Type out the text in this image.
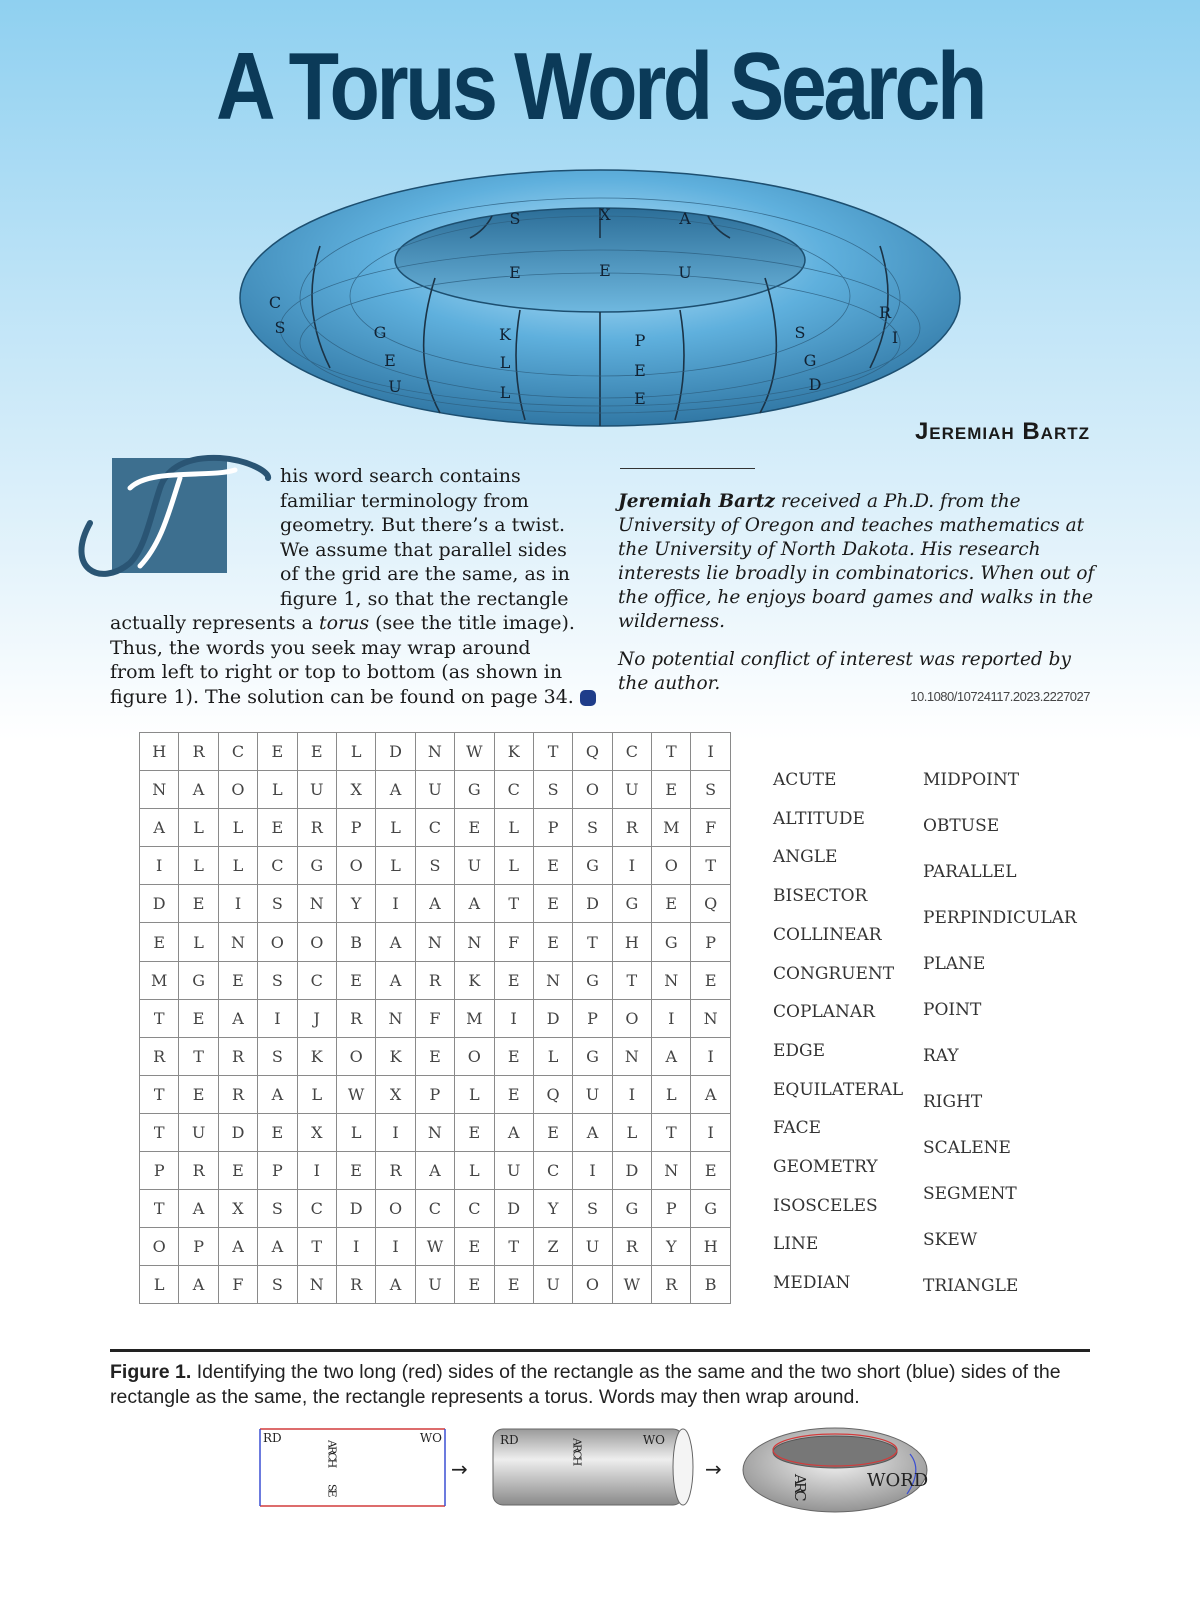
A Torus Word Search
L
L
K	P
E
E
G
E
U
S
G
D
R
I
C
S
S	X	A
E	E	U
Jeremiah Bartz
his word search contains
familiar terminology from
geometry. But there’s a twist.
We assume that parallel sides
of the grid are the same, as in
figure 1, so that the rectangle
actually represents a torus (see the title image).
Thus, the words you seek may wrap around
from left to right or top to bottom (as shown in
figure 1). The solution can be found on page 34.

Jeremiah Bartz received a Ph.D. from the University of Oregon and teaches mathematics at the University of North Dakota. His research interests lie broadly in combinatorics. When out of the office, he enjoys board games and walks in the wilderness.

No potential conflict of interest was reported by the author.

10.1080/10724117.2023.2227027
H	R	C	E	E	L	D	N	W	K	T	Q	C	T	I
N	A	O	L	U	X	A	U	G	C	S	O	U	E	S
A	L	L	E	R	P	L	C	E	L	P	S	R	M	F
I	L	L	C	G	O	L	S	U	L	E	G	I	O	T
D	E	I	S	N	Y	I	A	A	T	E	D	G	E	Q
E	L	N	O	O	B	A	N	N	F	E	T	H	G	P
M	G	E	S	C	E	A	R	K	E	N	G	T	N	E
T	E	A	I	J	R	N	F	M	I	D	P	O	I	N
R	T	R	S	K	O	K	E	O	E	L	G	N	A	I
T	E	R	A	L	W	X	P	L	E	Q	U	I	L	A
T	U	D	E	X	L	I	N	E	A	E	A	L	T	I
P	R	E	P	I	E	R	A	L	U	C	I	D	N	E
T	A	X	S	C	D	O	C	C	D	Y	S	G	P	G
O	P	A	A	T	I	I	W	E	T	Z	U	R	Y	H
L	A	F	S	N	R	A	U	E	E	U	O	W	R	B
ACUTE
ALTITUDE
ANGLE
BISECTOR
COLLINEAR
CONGRUENT
COPLANAR
EDGE
EQUILATERAL
FACE
GEOMETRY
ISOSCELES
LINE
MEDIAN
MIDPOINT
OBTUSE
PARALLEL
PERPINDICULAR
PLANE
POINT
RAY
RIGHT
SCALENE
SEGMENT
SKEW
TRIANGLE
Figure 1. Identifying the two long (red) sides of the rectangle as the same and the two short (blue) sides of the rectangle as the same, the rectangle represents a torus. Words may then wrap around.
RD	WO
ARCH
SE
→
RD	WO
ARCH
→
ARC	WORD
